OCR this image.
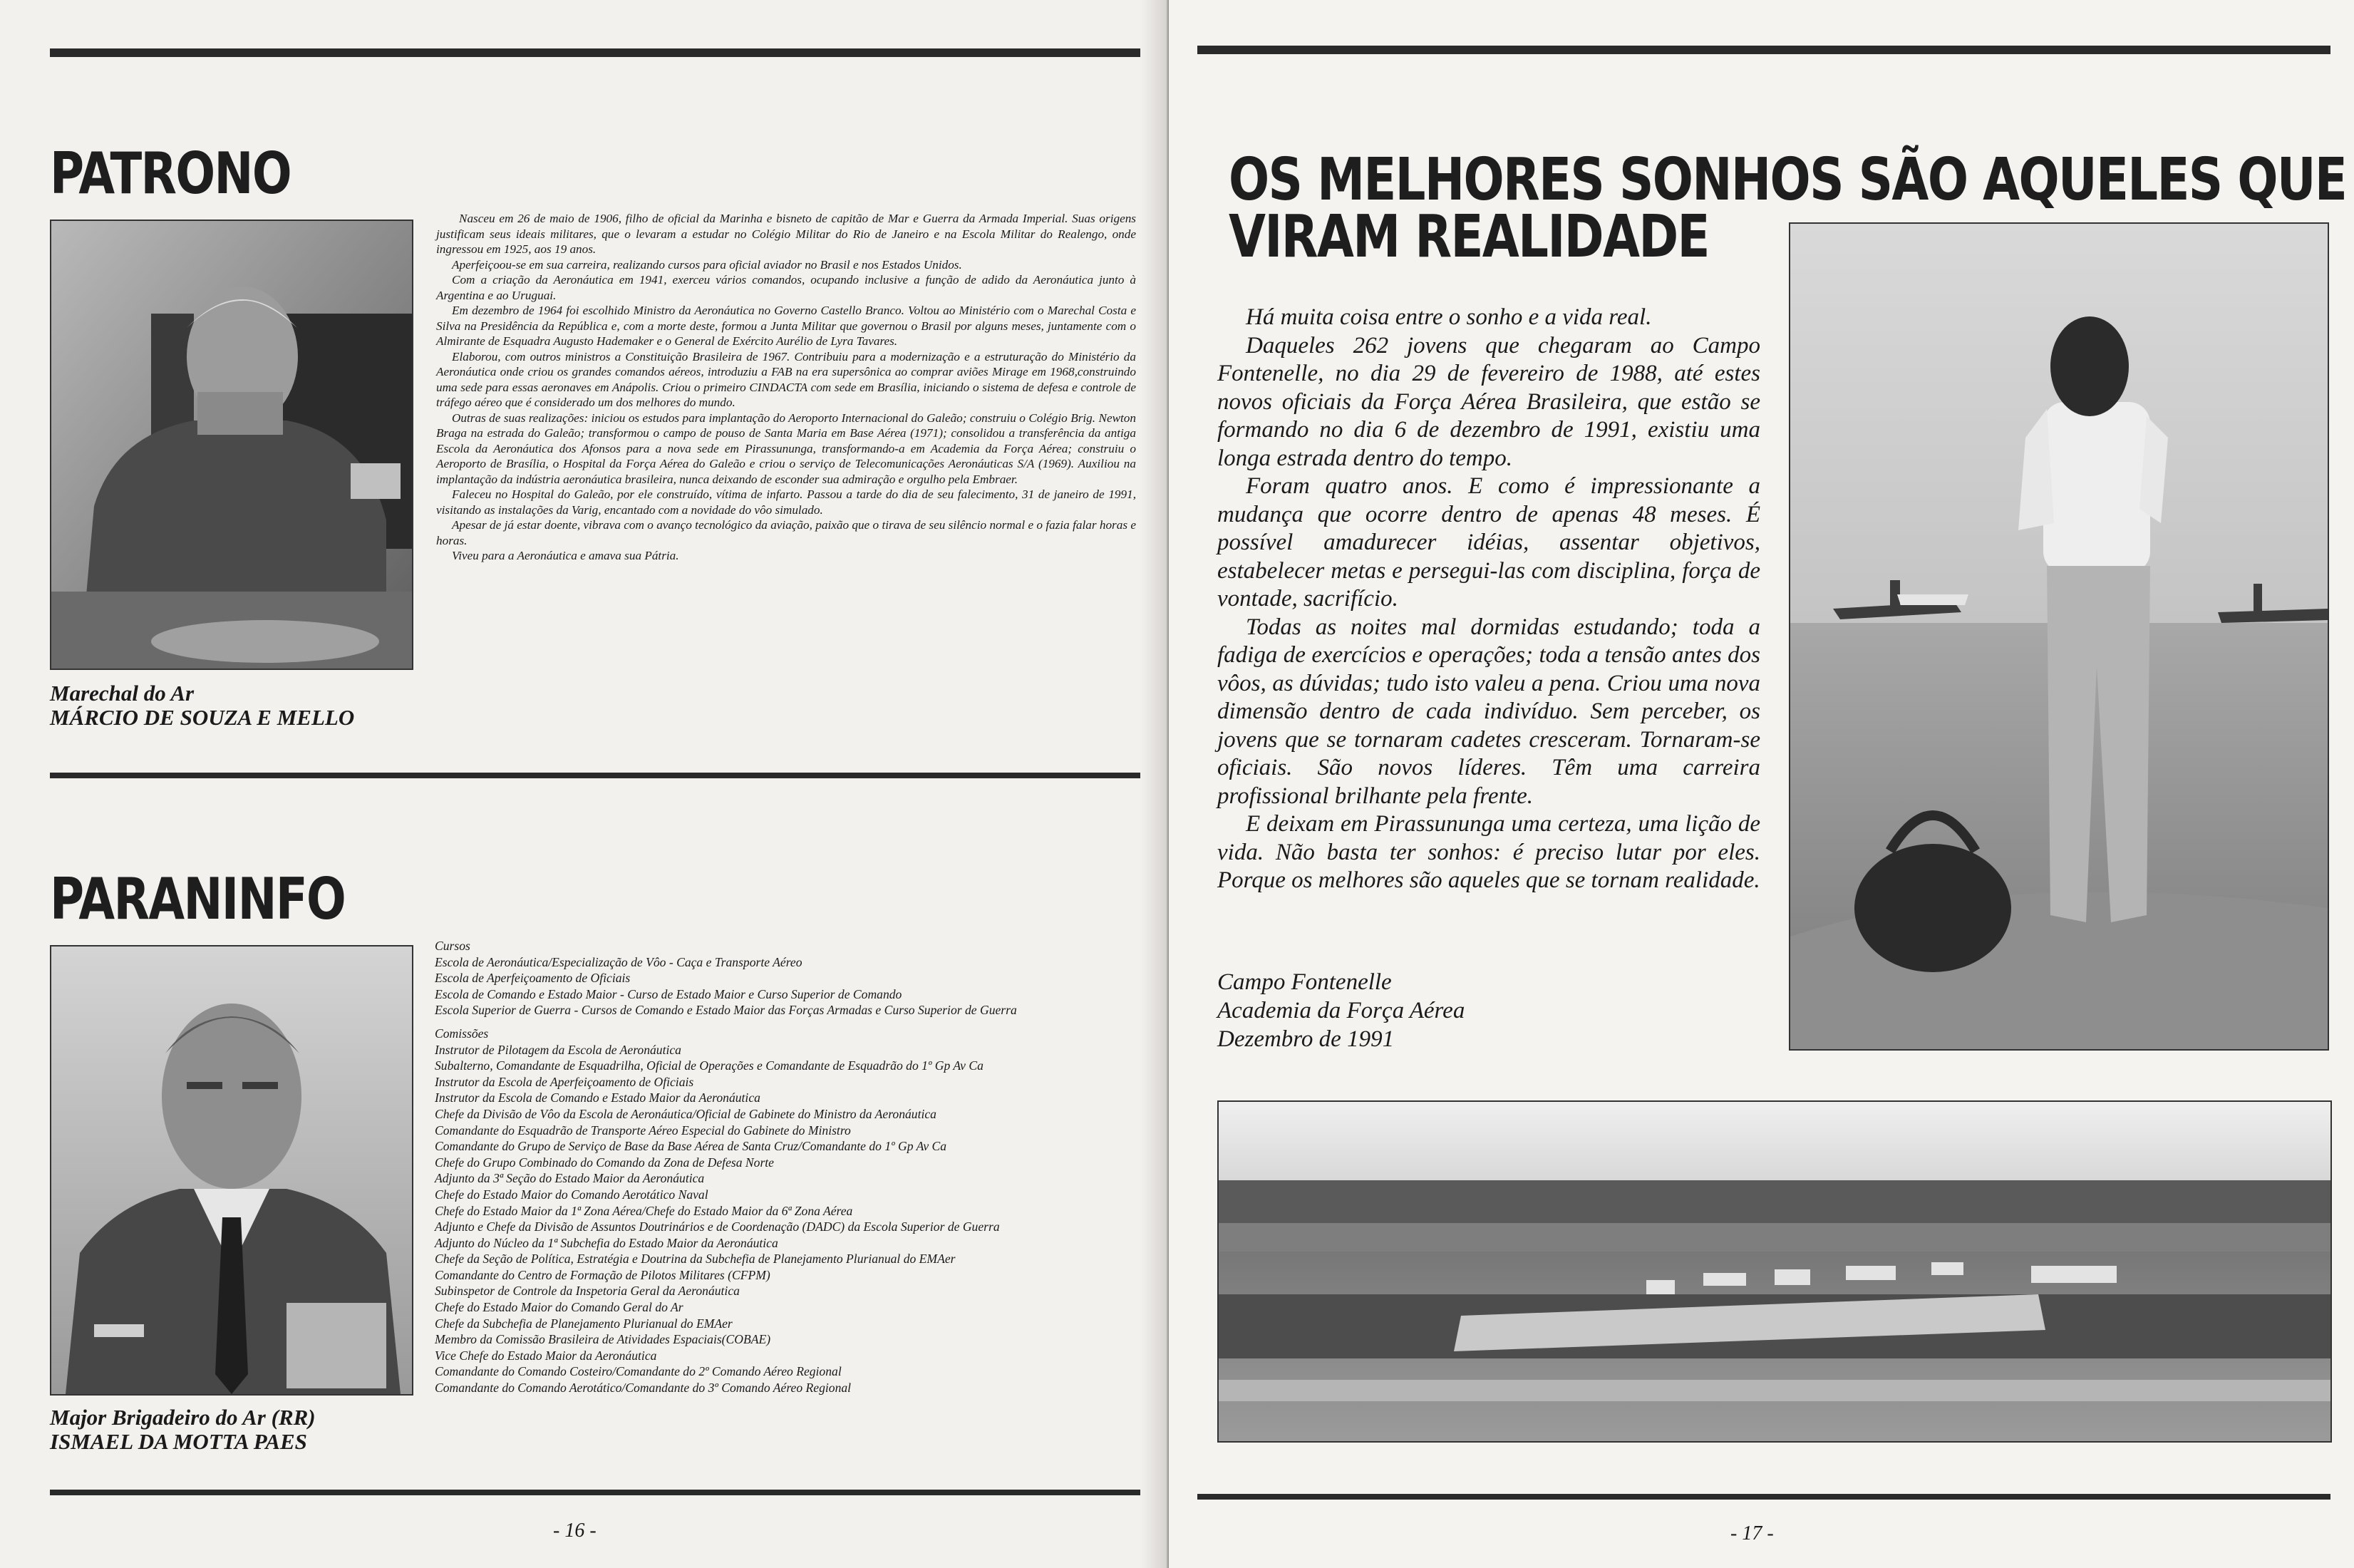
PATRONO
Marechal do Ar
MÁRCIO DE SOUZA E MELLO

Nasceu em 26 de maio de 1906, filho de oficial da Marinha e bisneto de capitão de Mar e Guerra da Armada Imperial. Suas origens justificam seus ideais militares, que o levaram a estudar no Colégio Militar do Rio de Janeiro e na Escola Militar do Realengo, onde ingressou em 1925, aos 19 anos.

Aperfeiçoou-se em sua carreira, realizando cursos para oficial aviador no Brasil e nos Estados Unidos.

Com a criação da Aeronáutica em 1941, exerceu vários comandos, ocupando inclusive a função de adido da Aeronáutica junto à Argentina e ao Uruguai.

Em dezembro de 1964 foi escolhido Ministro da Aeronáutica no Governo Castello Branco. Voltou ao Ministério com o Marechal Costa e Silva na Presidência da República e, com a morte deste, formou a Junta Militar que governou o Brasil por alguns meses, juntamente com o Almirante de Esquadra Augusto Hademaker e o General de Exército Aurélio de Lyra Tavares.

Elaborou, com outros ministros a Constituição Brasileira de 1967. Contribuiu para a modernização e a estruturação do Ministério da Aeronáutica onde criou os grandes comandos aéreos, introduziu a FAB na era supersônica ao comprar aviões Mirage em 1968,construindo uma sede para essas aeronaves em Anápolis. Criou o primeiro CINDACTA com sede em Brasília, iniciando o sistema de defesa e controle de tráfego aéreo que é considerado um dos melhores do mundo.

Outras de suas realizações: iniciou os estudos para implantação do Aeroporto Internacional do Galeão; construiu o Colégio Brig. Newton Braga na estrada do Galeão; transformou o campo de pouso de Santa Maria em Base Aérea (1971); consolidou a transferência da antiga Escola da Aeronáutica dos Afonsos para a nova sede em Pirassununga, transformando-a em Academia da Força Aérea; construiu o Aeroporto de Brasília, o Hospital da Força Aérea do Galeão e criou o serviço de Telecomunicações Aeronáuticas S/A (1969). Auxiliou na implantação da indústria aeronáutica brasileira, nunca deixando de esconder sua admiração e orgulho pela Embraer.

Faleceu no Hospital do Galeão, por ele construído, vítima de infarto. Passou a tarde do dia de seu falecimento, 31 de janeiro de 1991, visitando as instalações da Varig, encantado com a novidade do vôo simulado.

Apesar de já estar doente, vibrava com o avanço tecnológico da aviação, paixão que o tirava de seu silêncio normal e o fazia falar horas e horas.

Viveu para a Aeronáutica e amava sua Pátria.

PARANINFO
Major Brigadeiro do Ar (RR)
ISMAEL DA MOTTA PAES
Cursos
Escola de Aeronáutica/Especialização de Vôo - Caça e Transporte Aéreo
Escola de Aperfeiçoamento de Oficiais
Escola de Comando e Estado Maior - Curso de Estado Maior e Curso Superior de Comando
Escola Superior de Guerra - Cursos de Comando e Estado Maior das Forças Armadas e Curso Superior de Guerra
Comissões
Instrutor de Pilotagem da Escola de Aeronáutica
Subalterno, Comandante de Esquadrilha, Oficial de Operações e Comandante de Esquadrão do 1º Gp Av Ca
Instrutor da Escola de Aperfeiçoamento de Oficiais
Instrutor da Escola de Comando e Estado Maior da Aeronáutica
Chefe da Divisão de Vôo da Escola de Aeronáutica/Oficial de Gabinete do Ministro da Aeronáutica
Comandante do Esquadrão de Transporte Aéreo Especial do Gabinete do Ministro
Comandante do Grupo de Serviço de Base da Base Aérea de Santa Cruz/Comandante do 1º Gp Av Ca
Chefe do Grupo Combinado do Comando da Zona de Defesa Norte
Adjunto da 3ª Seção do Estado Maior da Aeronáutica
Chefe do Estado Maior do Comando Aerotático Naval
Chefe do Estado Maior da 1ª Zona Aérea/Chefe do Estado Maior da 6ª Zona Aérea
Adjunto e Chefe da Divisão de Assuntos Doutrinários e de Coordenação (DADC) da Escola Superior de Guerra
Adjunto do Núcleo da 1ª Subchefia do Estado Maior da Aeronáutica
Chefe da Seção de Política, Estratégia e Doutrina da Subchefia de Planejamento Plurianual do EMAer
Comandante do Centro de Formação de Pilotos Militares (CFPM)
Subinspetor de Controle da Inspetoria Geral da Aeronáutica
Chefe do Estado Maior do Comando Geral do Ar
Chefe da Subchefia de Planejamento Plurianual do EMAer
Membro da Comissão Brasileira de Atividades Espaciais(COBAE)
Vice Chefe do Estado Maior da Aeronáutica
Comandante do Comando Costeiro/Comandante do 2º Comando Aéreo Regional
Comandante do Comando Aerotático/Comandante do 3º Comando Aéreo Regional
- 16 -
OS MELHORES SONHOS SÃO AQUELES QUE
VIRAM REALIDADE

Há muita coisa entre o sonho e a vida real.

Daqueles 262 jovens que chegaram ao Campo Fontenelle, no dia 29 de fevereiro de 1988, até estes novos oficiais da Força Aérea Brasileira, que estão se formando no dia 6 de dezembro de 1991, existiu uma longa estrada dentro do tempo.

Foram quatro anos. E como é impressionante a mudança que ocorre dentro de apenas 48 meses. É possível amadurecer idéias, assentar objetivos, estabelecer metas e persegui-las com disciplina, força de vontade, sacrifício.

Todas as noites mal dormidas estudando; toda a fadiga de exercícios e operações; toda a tensão antes dos vôos, as dúvidas; tudo isto valeu a pena. Criou uma nova dimensão dentro de cada indivíduo. Sem perceber, os jovens que se tornaram cadetes cresceram. Tornaram-se oficiais. São novos líderes. Têm uma carreira profissional brilhante pela frente.

E deixam em Pirassununga uma certeza, uma lição de vida. Não basta ter sonhos: é preciso lutar por eles. Porque os melhores são aqueles que se tornam realidade.

Campo Fontenelle
Academia da Força Aérea
Dezembro de 1991
- 17 -
